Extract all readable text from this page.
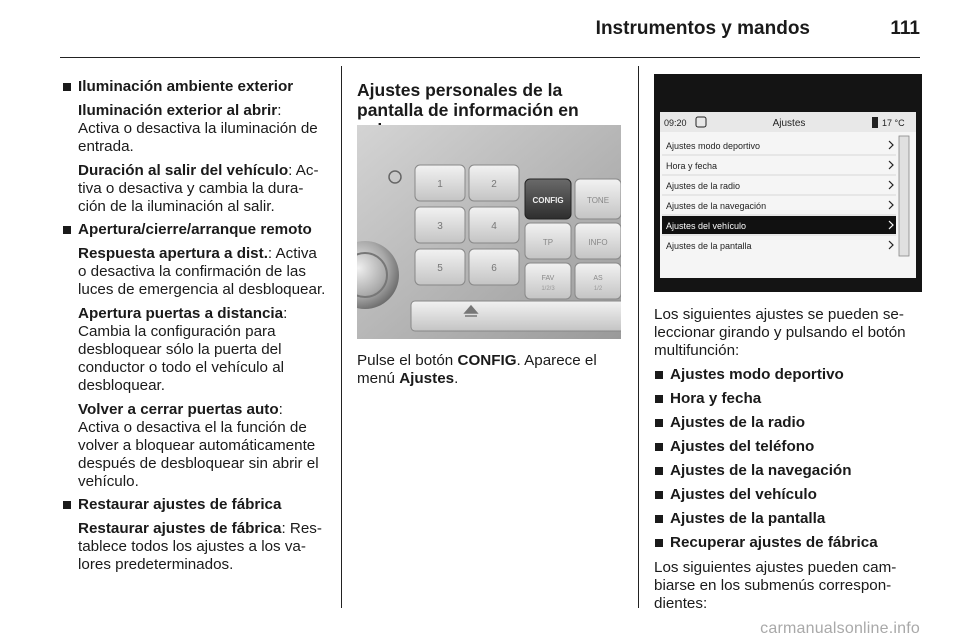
Instrumentos y mandos	111
Iluminación ambiente exterior
Iluminación exterior al abrir: Activa o desactiva la iluminación de entrada.
Duración al salir del vehículo: Activa o desactiva y cambia la duración de la iluminación al salir.
Apertura/cierre/arranque remoto
Respuesta apertura a dist.: Activa o desactiva la confirmación de las luces de emergencia al desbloquear.
Apertura puertas a distancia: Cambia la configuración para desbloquear sólo la puerta del conductor o todo el vehículo al desbloquear.
Volver a cerrar puertas auto: Activa o desactiva el la función de volver a bloquear automáticamente después de desbloquear sin abrir el vehículo.
Restaurar ajustes de fábrica
Restaurar ajustes de fábrica: Restablece todos los ajustes a los valores predeterminados.
Ajustes personales de la pantalla de información en
1	2
3	4
5	6
CONFIG	TONE
TP	INFO
FAV
1/2/3
AS
1/2
Pulse el botón CONFIG. Aparece el menú Ajustes.
09:20	Ajustes	17 °C
Ajustes modo deportivo
Hora y fecha
Ajustes de la radio
Ajustes de la navegación
Ajustes del vehículo
Ajustes de la pantalla
Los siguientes ajustes se pueden seleccionar girando y pulsando el botón multifunción:
Ajustes modo deportivo
Hora y fecha
Ajustes de la radio
Ajustes del teléfono
Ajustes de la navegación
Ajustes del vehículo
Ajustes de la pantalla
Recuperar ajustes de fábrica
Los siguientes ajustes pueden cambiarse en los submenús correspondientes:
carmanualsonline.info
